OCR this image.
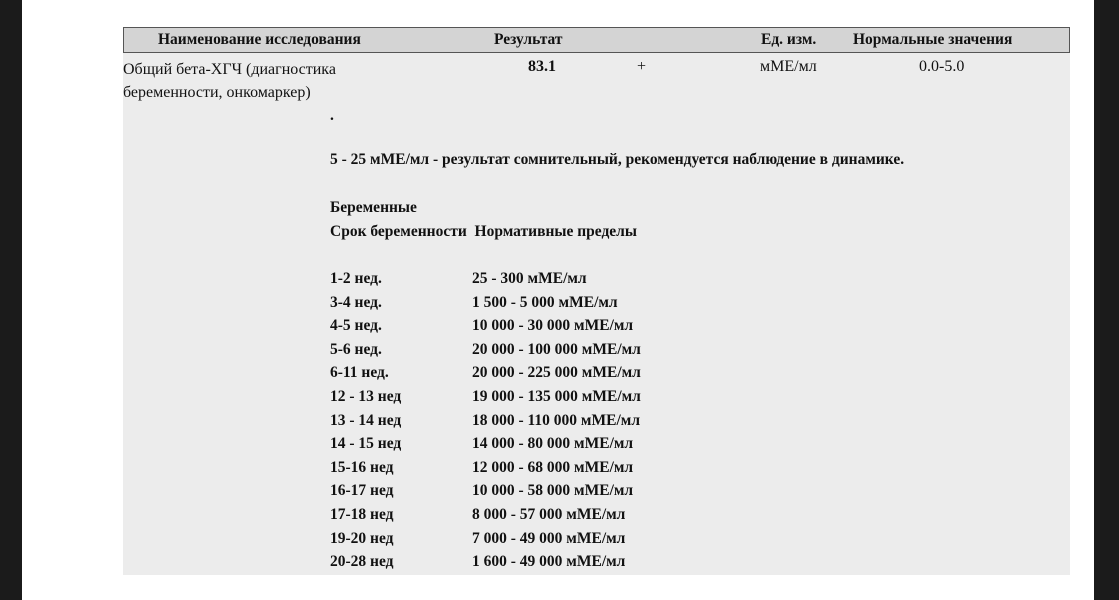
Наименование исследования	Результат	Ед. изм. Нормальные значения
Общий бета-ХГЧ (диагностика
беременности, онкомаркер)
83.1	+	мМЕ/мл	0.0-5.0
.
5 - 25 мМЕ/мл - результат сомнительный, рекомендуется наблюдение в динамике.
Беременные
Срок беременности Нормативные пределы
1-2 нед.	25 - 300 мМЕ/мл
3-4 нед.	1 500 - 5 000 мМЕ/мл
4-5 нед.	10 000 - 30 000 мМЕ/мл
5-6 нед.	20 000 - 100 000 мМЕ/мл
6-11 нед.	20 000 - 225 000 мМЕ/мл
12 - 13 нед	19 000 - 135 000 мМЕ/мл
13 - 14 нед	18 000 - 110 000 мМЕ/мл
14 - 15 нед	14 000 - 80 000 мМЕ/мл
15-16 нед	12 000 - 68 000 мМЕ/мл
16-17 нед	10 000 - 58 000 мМЕ/мл
17-18 нед	8 000 - 57 000 мМЕ/мл
19-20 нед	7 000 - 49 000 мМЕ/мл
20-28 нед	1 600 - 49 000 мМЕ/мл
